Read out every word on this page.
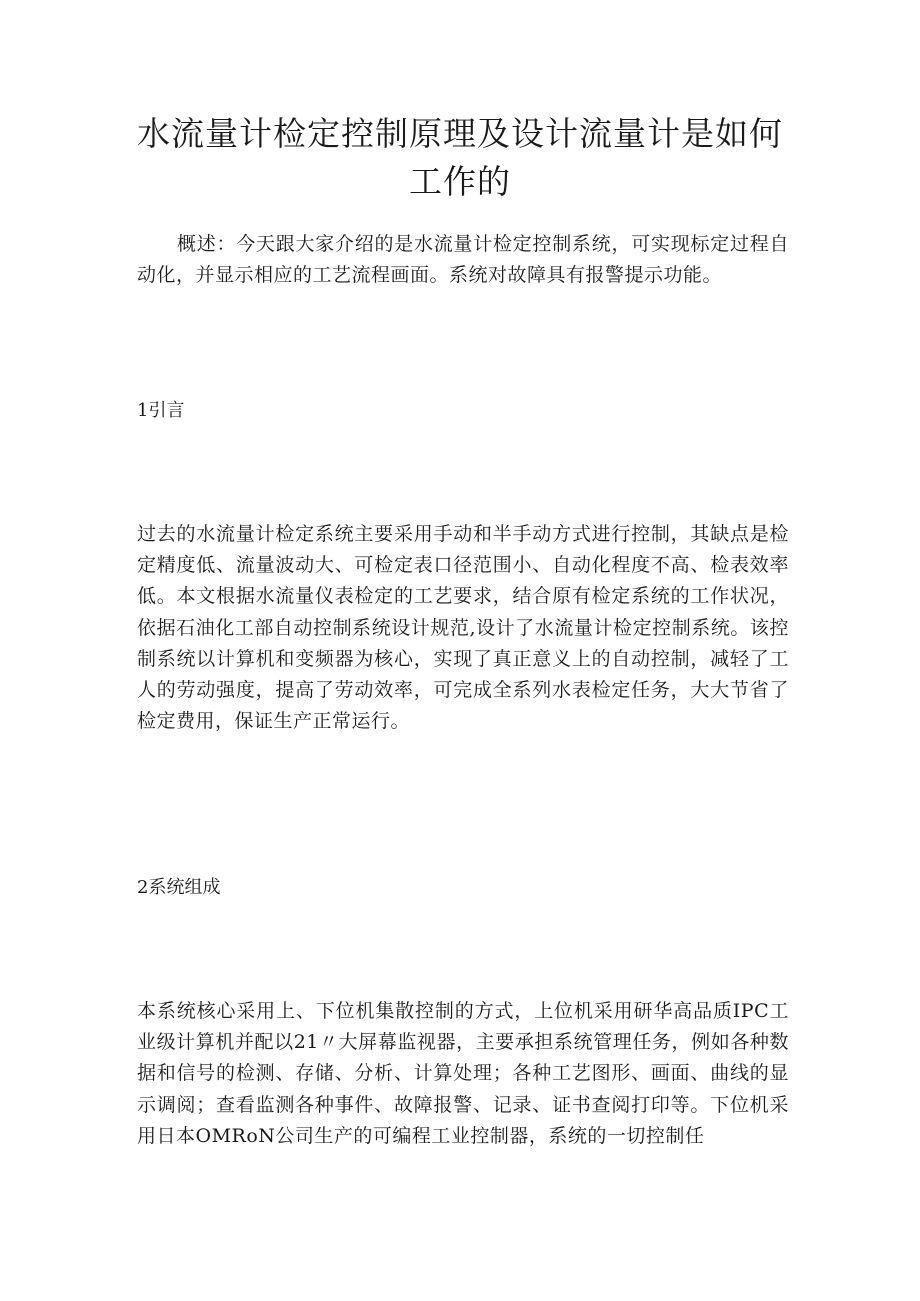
水流量计检定控制原理及设计流量计是如何工作的

概述：今天跟大家介绍的是水流量计检定控制系统，可实现标定过程自动化，并显示相应的工艺流程画面。系统对故障具有报警提示功能。

1引言

过去的水流量计检定系统主要采用手动和半手动方式进行控制，其缺点是检定精度低、流量波动大、可检定表口径范围小、自动化程度不高、检表效率低。本文根据水流量仪表检定的工艺要求，结合原有检定系统的工作状况，依据石油化工部自动控制系统设计规范,设计了水流量计检定控制系统。该控制系统以计算机和变频器为核心，实现了真正意义上的自动控制，减轻了工人的劳动强度，提高了劳动效率，可完成全系列水表检定任务，大大节省了检定费用，保证生产正常运行。

2系统组成

本系统核心采用上、下位机集散控制的方式，上位机采用研华高品质IPC工业级计算机并配以21〃大屏幕监视器，主要承担系统管理任务，例如各种数据和信号的检测、存储、分析、计算处理；各种工艺图形、画面、曲线的显示调阅；查看监测各种事件、故障报警、记录、证书查阅打印等。下位机采用日本OMRoN公司生产的可编程工业控制器，系统的一切控制任
